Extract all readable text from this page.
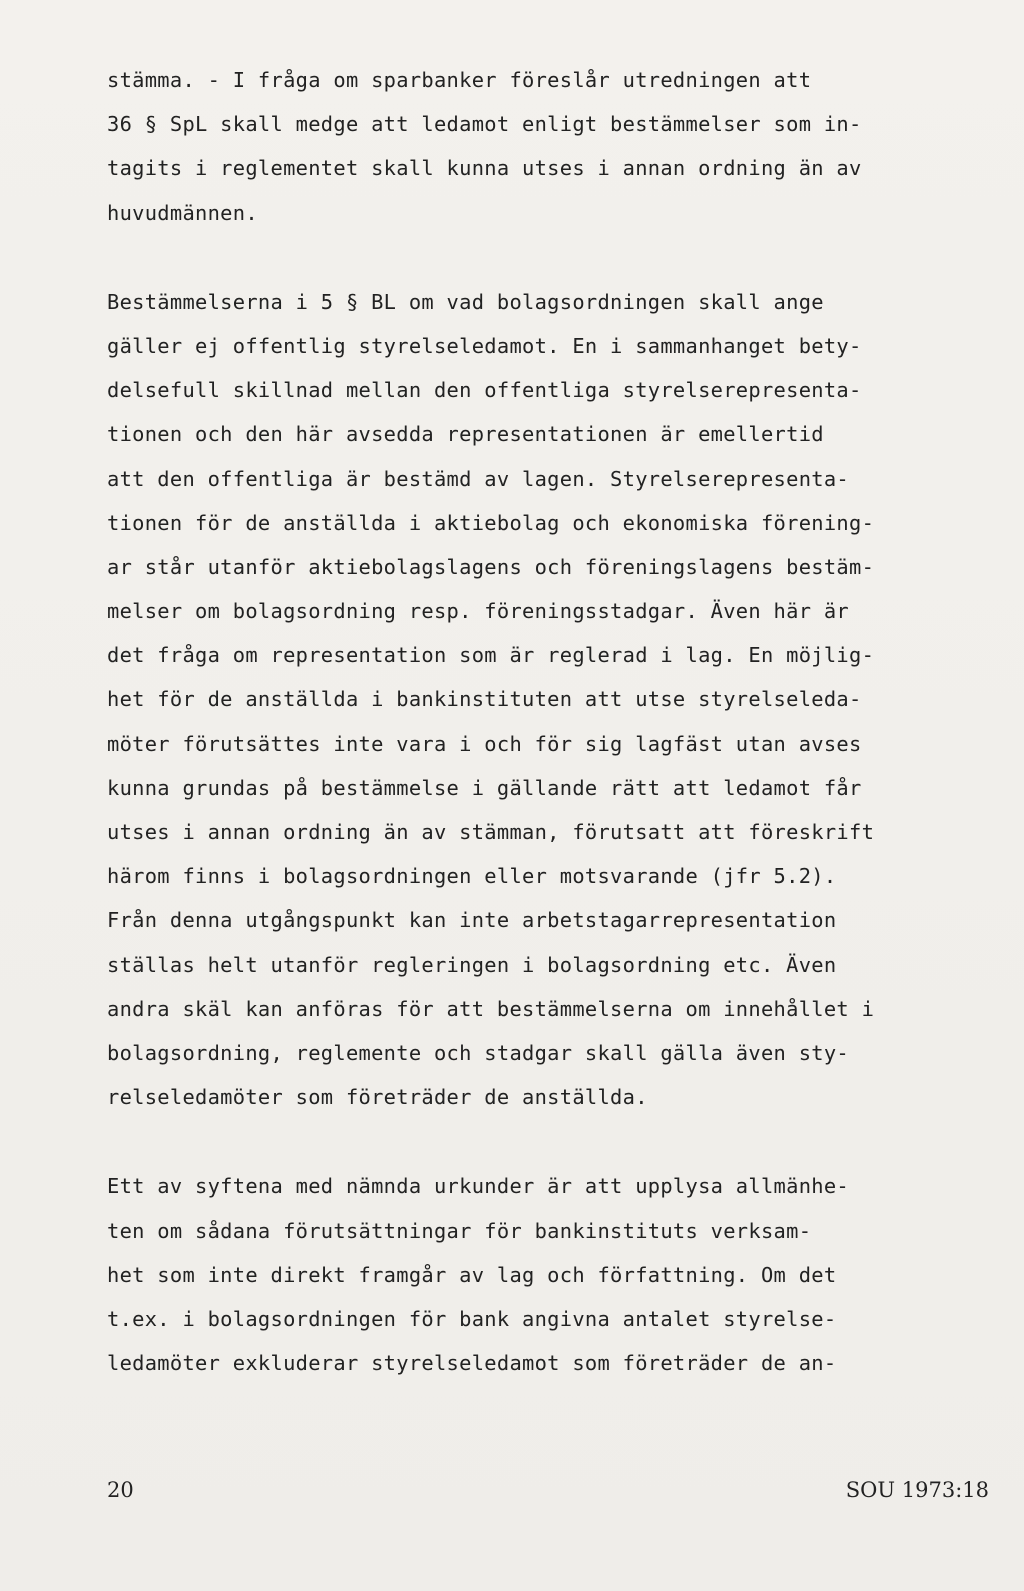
stämma. - I fråga om sparbanker föreslår utredningen att
36 § SpL skall medge att ledamot enligt bestämmelser som in-
tagits i reglementet skall kunna utses i annan ordning än av
huvudmännen.
Bestämmelserna i 5 § BL om vad bolagsordningen skall ange
gäller ej offentlig styrelseledamot. En i sammanhanget bety-
delsefull skillnad mellan den offentliga styrelserepresenta-
tionen och den här avsedda representationen är emellertid
att den offentliga är bestämd av lagen. Styrelserepresenta-
tionen för de anställda i aktiebolag och ekonomiska förening-
ar står utanför aktiebolagslagens och föreningslagens bestäm-
melser om bolagsordning resp. föreningsstadgar. Även här är
det fråga om representation som är reglerad i lag. En möjlig-
het för de anställda i bankinstituten att utse styrelseleda-
möter förutsättes inte vara i och för sig lagfäst utan avses
kunna grundas på bestämmelse i gällande rätt att ledamot får
utses i annan ordning än av stämman, förutsatt att föreskrift
härom finns i bolagsordningen eller motsvarande (jfr 5.2).
Från denna utgångspunkt kan inte arbetstagarrepresentation
ställas helt utanför regleringen i bolagsordning etc. Även
andra skäl kan anföras för att bestämmelserna om innehållet i
bolagsordning, reglemente och stadgar skall gälla även sty-
relseledamöter som företräder de anställda.
Ett av syftena med nämnda urkunder är att upplysa allmänhe-
ten om sådana förutsättningar för bankinstituts verksam-
het som inte direkt framgår av lag och författning. Om det
t.ex. i bolagsordningen för bank angivna antalet styrelse-
ledamöter exkluderar styrelseledamot som företräder de an-
20	SOU 1973:18
